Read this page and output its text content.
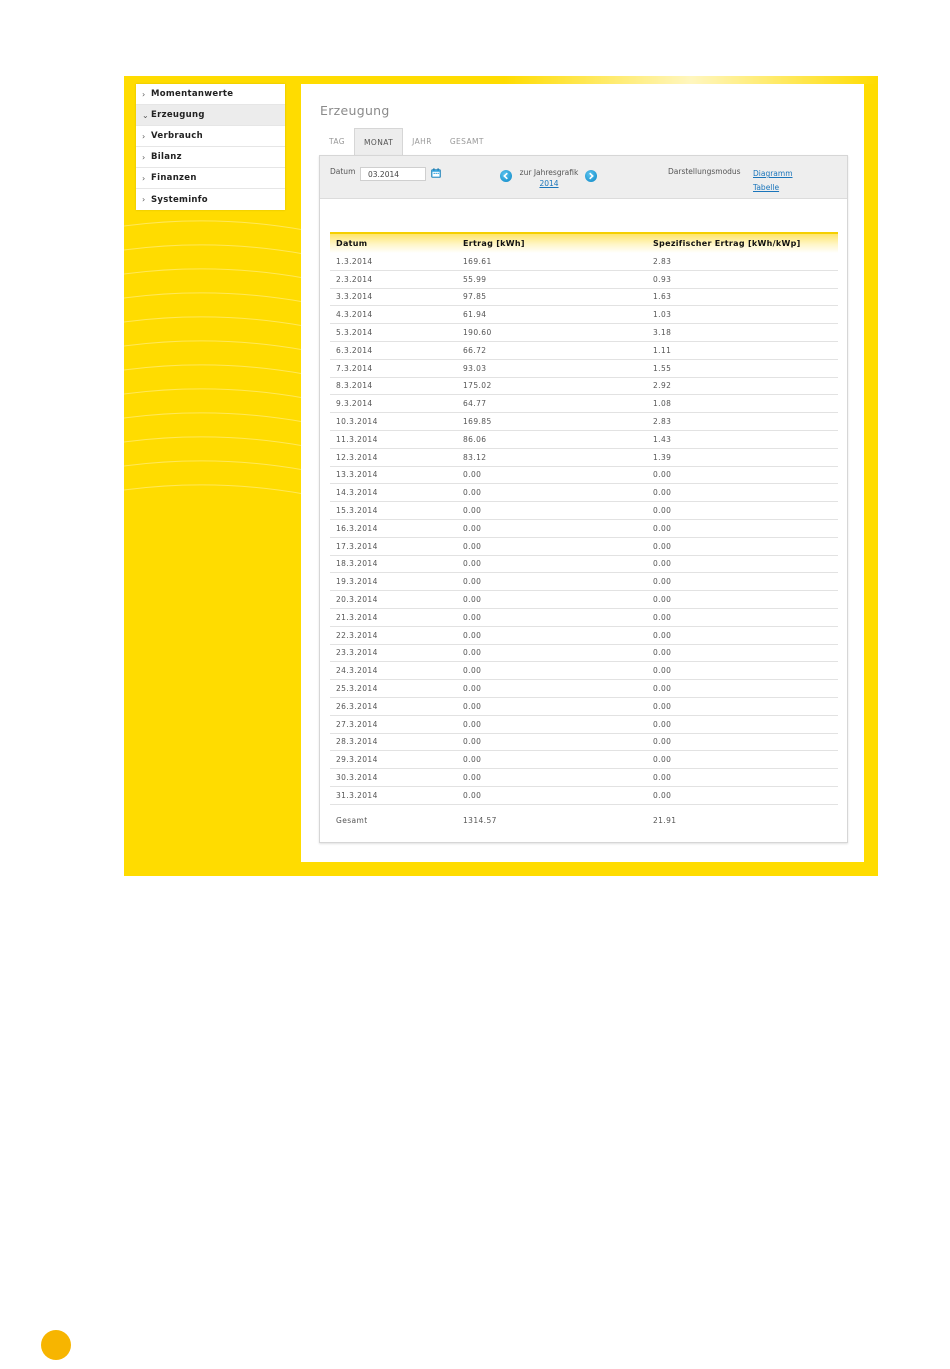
› Momentanwerte
⌄ Erzeugung
› Verbrauch
› Bilanz
› Finanzen
› Systeminfo
Erzeugung
TAG	MONAT	JAHR	GESAMT
Datum	03.2014	zur Jahresgrafik
2014
Darstellungsmodus Diagramm
Tabelle
Datum	Ertrag [kWh]	Spezifischer Ertrag [kWh/kWp]
1.3.2014	169.61	2.83
2.3.2014	55.99	0.93
3.3.2014	97.85	1.63
4.3.2014	61.94	1.03
5.3.2014	190.60	3.18
6.3.2014	66.72	1.11
7.3.2014	93.03	1.55
8.3.2014	175.02	2.92
9.3.2014	64.77	1.08
10.3.2014	169.85	2.83
11.3.2014	86.06	1.43
12.3.2014	83.12	1.39
13.3.2014	0.00	0.00
14.3.2014	0.00	0.00
15.3.2014	0.00	0.00
16.3.2014	0.00	0.00
17.3.2014	0.00	0.00
18.3.2014	0.00	0.00
19.3.2014	0.00	0.00
20.3.2014	0.00	0.00
21.3.2014	0.00	0.00
22.3.2014	0.00	0.00
23.3.2014	0.00	0.00
24.3.2014	0.00	0.00
25.3.2014	0.00	0.00
26.3.2014	0.00	0.00
27.3.2014	0.00	0.00
28.3.2014	0.00	0.00
29.3.2014	0.00	0.00
30.3.2014	0.00	0.00
31.3.2014	0.00	0.00
Gesamt	1314.57	21.91
